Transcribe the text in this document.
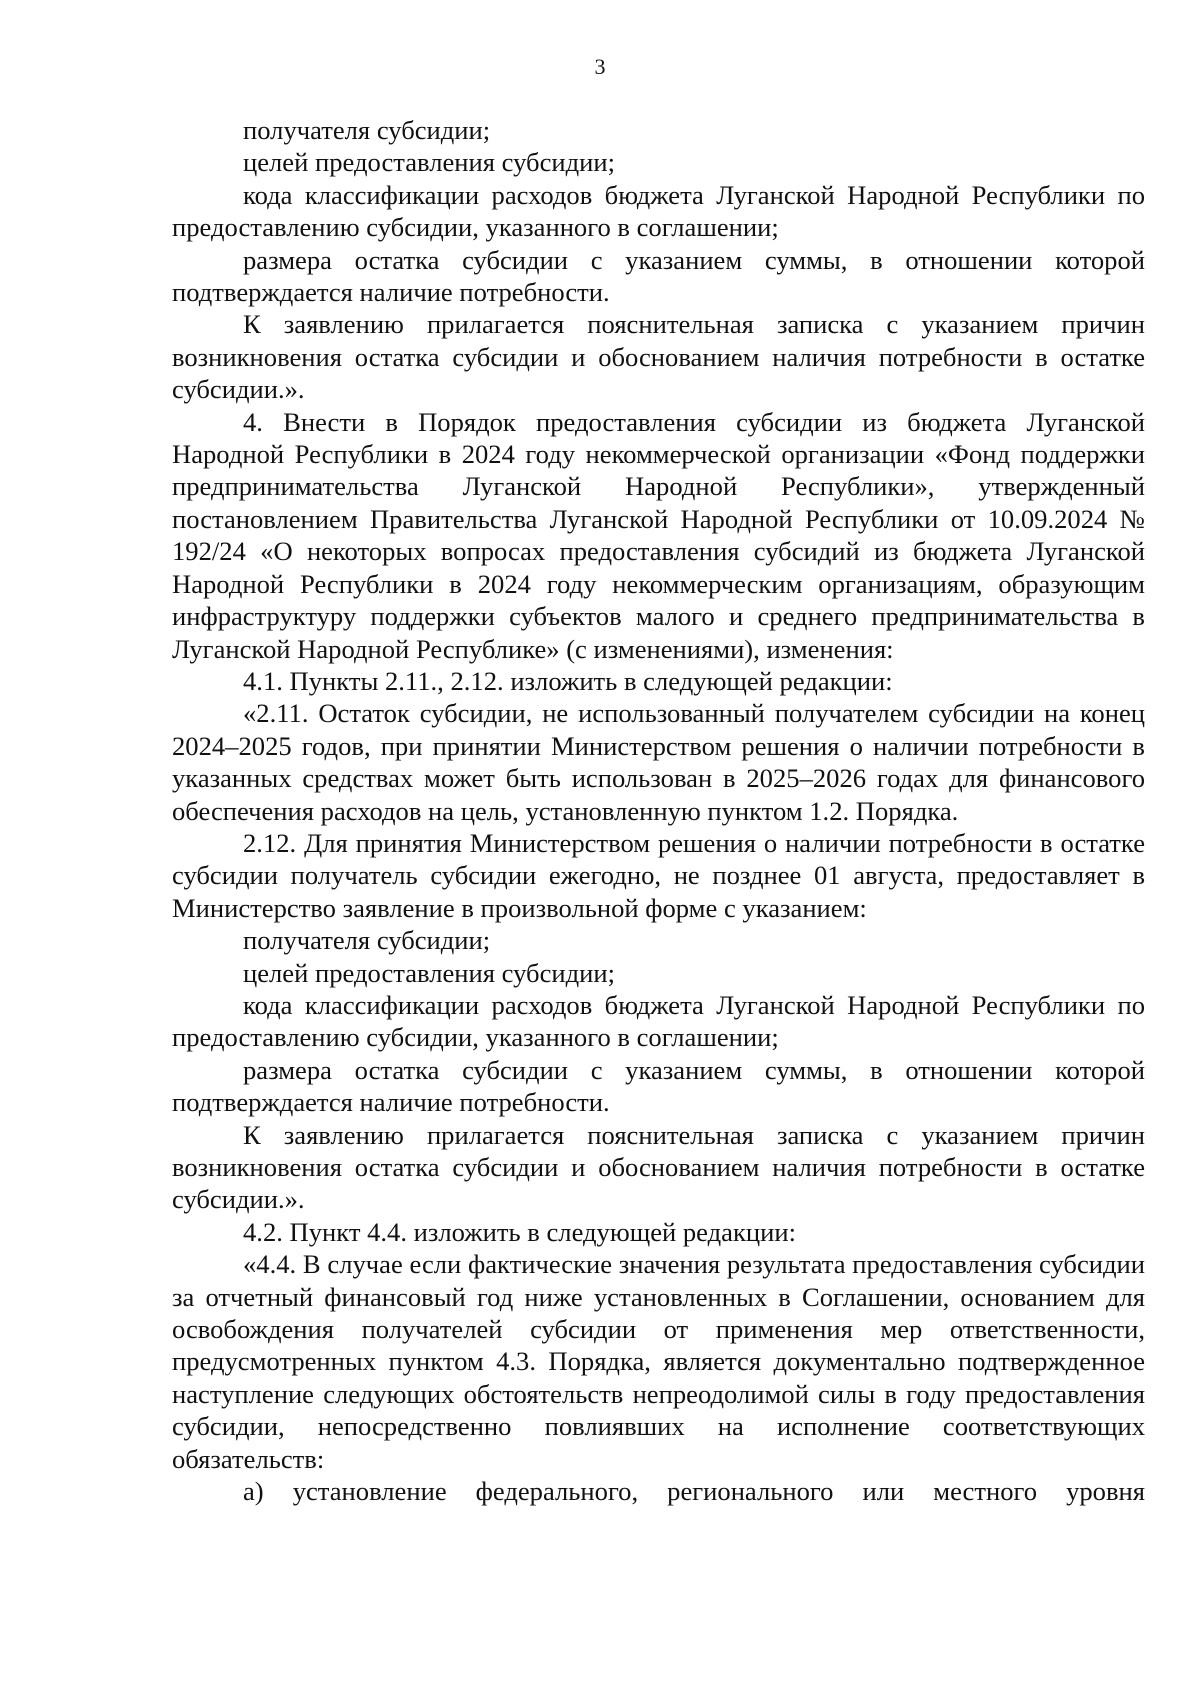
3

получателя субсидии;

целей предоставления субсидии;

кода классификации расходов бюджета Луганской Народной Республики по предоставлению субсидии, указанного в соглашении;

размера остатка субсидии с указанием суммы, в отношении которой подтверждается наличие потребности.

К заявлению прилагается пояснительная записка с указанием причин возникновения остатка субсидии и обоснованием наличия потребности в остатке субсидии.».

4. Внести в Порядок предоставления субсидии из бюджета Луганской Народной Республики в 2024 году некоммерческой организации «Фонд поддержки предпринимательства Луганской Народной Республики», утвержденный постановлением Правительства Луганской Народной Республики от 10.09.2024 № 192/24 «О некоторых вопросах предоставления субсидий из бюджета Луганской Народной Республики в 2024 году некоммерческим организациям, образующим инфраструктуру поддержки субъектов малого и среднего предпринимательства в Луганской Народной Республике» (с изменениями), изменения:

4.1. Пункты 2.11., 2.12. изложить в следующей редакции:

«2.11. Остаток субсидии, не использованный получателем субсидии на конец 2024–2025 годов, при принятии Министерством решения о наличии потребности в указанных средствах может быть использован в 2025–2026 годах для финансового обеспечения расходов на цель, установленную пунктом 1.2. Порядка.

2.12. Для принятия Министерством решения о наличии потребности в остатке субсидии получатель субсидии ежегодно, не позднее 01 августа, предоставляет в Министерство заявление в произвольной форме с указанием:

получателя субсидии;

целей предоставления субсидии;

кода классификации расходов бюджета Луганской Народной Республики по предоставлению субсидии, указанного в соглашении;

размера остатка субсидии с указанием суммы, в отношении которой подтверждается наличие потребности.

К заявлению прилагается пояснительная записка с указанием причин возникновения остатка субсидии и обоснованием наличия потребности в остатке субсидии.».

4.2. Пункт 4.4. изложить в следующей редакции:

«4.4. В случае если фактические значения результата предоставления субсидии за отчетный финансовый год ниже установленных в Соглашении, основанием для освобождения получателей субсидии от применения мер ответственности, предусмотренных пунктом 4.3. Порядка, является документально подтвержденное наступление следующих обстоятельств непреодолимой силы в году предоставления субсидии, непосредственно повлиявших на исполнение соответствующих обязательств:

а) установление федерального, регионального или местного уровня
